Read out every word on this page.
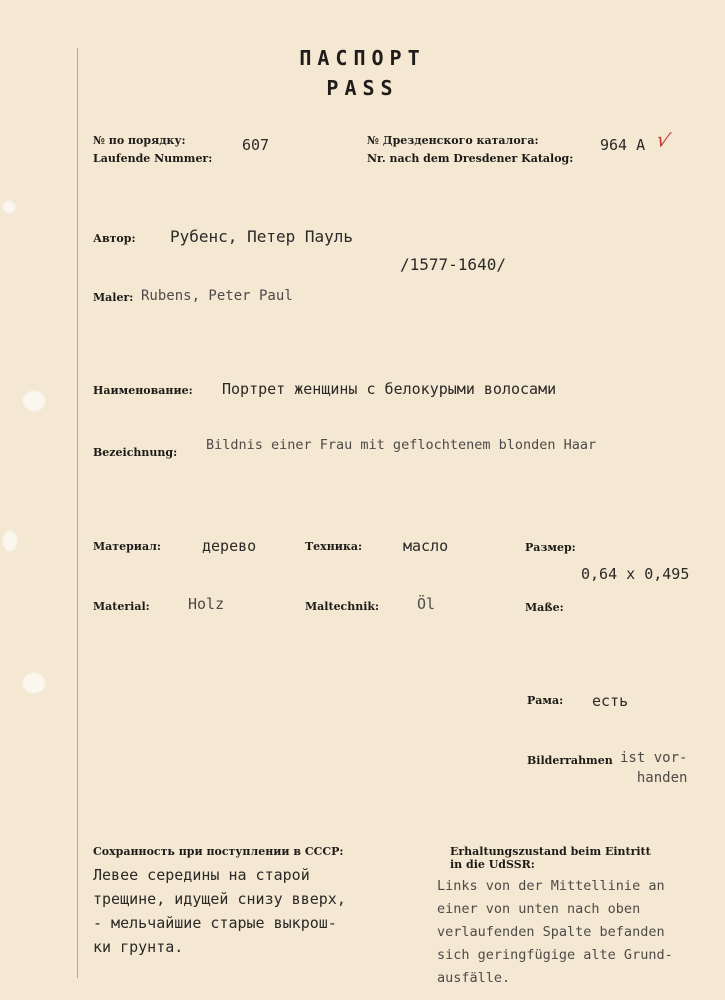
ПАСПОРТ
PASS
№ по порядку:
Laufende Nummer:
607	№ Дрезденского каталога:
Nr. nach dem Dresdener Katalog:
964 A √
Автор: Рубенс, Петер Пауль
/1577-1640/
Maler: Rubens, Peter Paul
Наименование: Портрет женщины с белокурыми волосами
Bezeichnung: Bildnis einer Frau mit geflochtenem blonden Haar
Материал:	дерево	Техника:	масло	Размер:
0,64 x 0,495
Material:	Holz	Maltechnik:	Öl	Maße:
Рама: есть
Bilderrahmen ist vor-
handen
Сохранность при поступлении в СССР:
Левее середины на старой
трещине, идущей снизу вверх,
- мельчайшие старые выкрош-
ки грунта.
Erhaltungszustand beim Eintritt
in die UdSSR:
Links von der Mittellinie an
einer von unten nach oben
verlaufenden Spalte befanden
sich geringfügige alte Grund-
ausfälle.
